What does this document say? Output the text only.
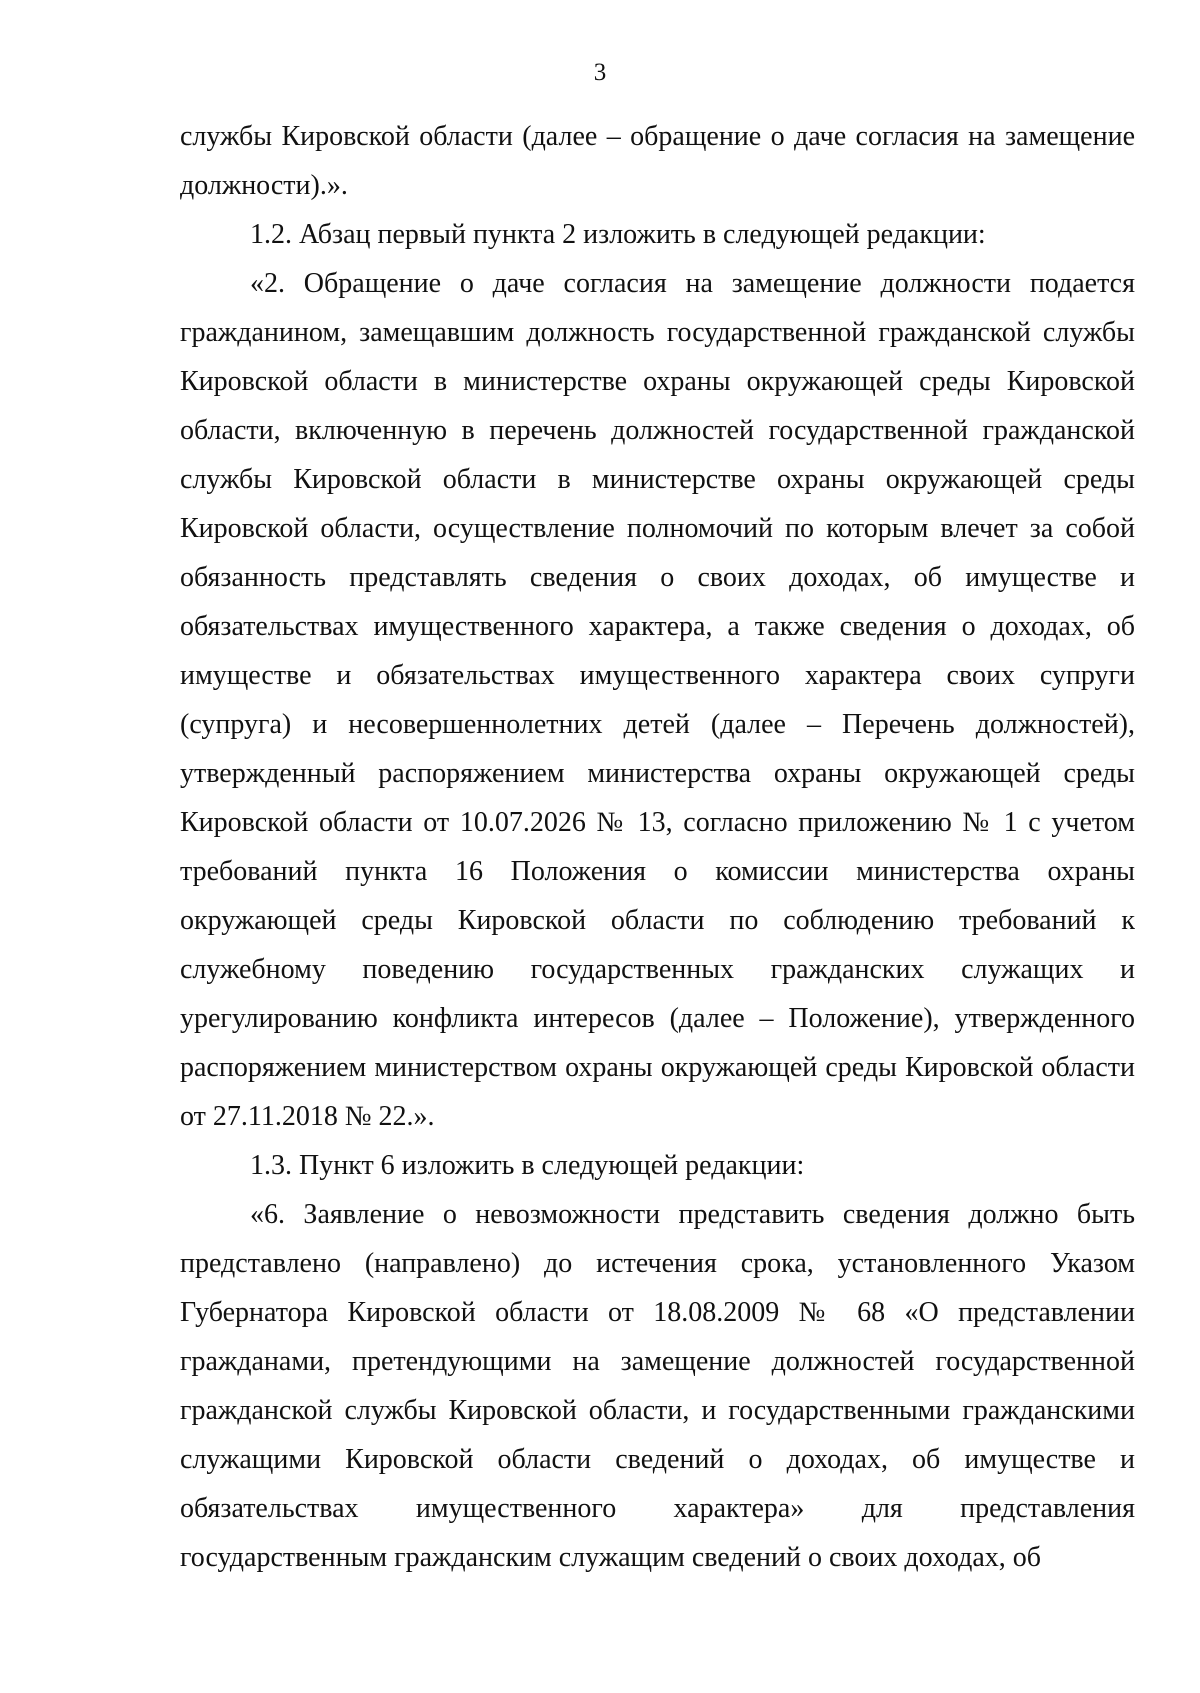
3

службы Кировской области (далее – обращение о даче согласия на замещение должности).».

1.2. Абзац первый пункта 2 изложить в следующей редакции:

«2. Обращение о даче согласия на замещение должности подается гражданином, замещавшим должность государственной гражданской службы Кировской области в министерстве охраны окружающей среды Кировской области, включенную в перечень должностей государственной гражданской службы Кировской области в министерстве охраны окружающей среды Кировской области, осуществление полномочий по которым влечет за собой обязанность представлять сведения о своих доходах, об имуществе и обязательствах имущественного характера, а также сведения о доходах, об имуществе и обязательствах имущественного характера своих супруги (супруга) и несовершеннолетних детей (далее – Перечень должностей), утвержденный распоряжением министерства охраны окружающей среды Кировской области от 10.07.2026 № 13, согласно приложению № 1 с учетом требований пункта 16 Положения о комиссии министерства охраны окружающей среды Кировской области по соблюдению требований к служебному поведению государственных гражданских служащих и урегулированию конфликта интересов (далее – Положение), утвержденного распоряжением министерством охраны окружающей среды Кировской области от 27.11.2018 № 22.».

1.3. Пункт 6 изложить в следующей редакции:

«6. Заявление о невозможности представить сведения должно быть представлено (направлено) до истечения срока, установленного Указом Губернатора Кировской области от 18.08.2009 № 68 «О представлении гражданами, претендующими на замещение должностей государственной гражданской службы Кировской области, и государственными гражданскими служащими Кировской области сведений о доходах, об имуществе и обязательствах имущественного характера» для представления государственным гражданским служащим сведений о своих доходах, об
